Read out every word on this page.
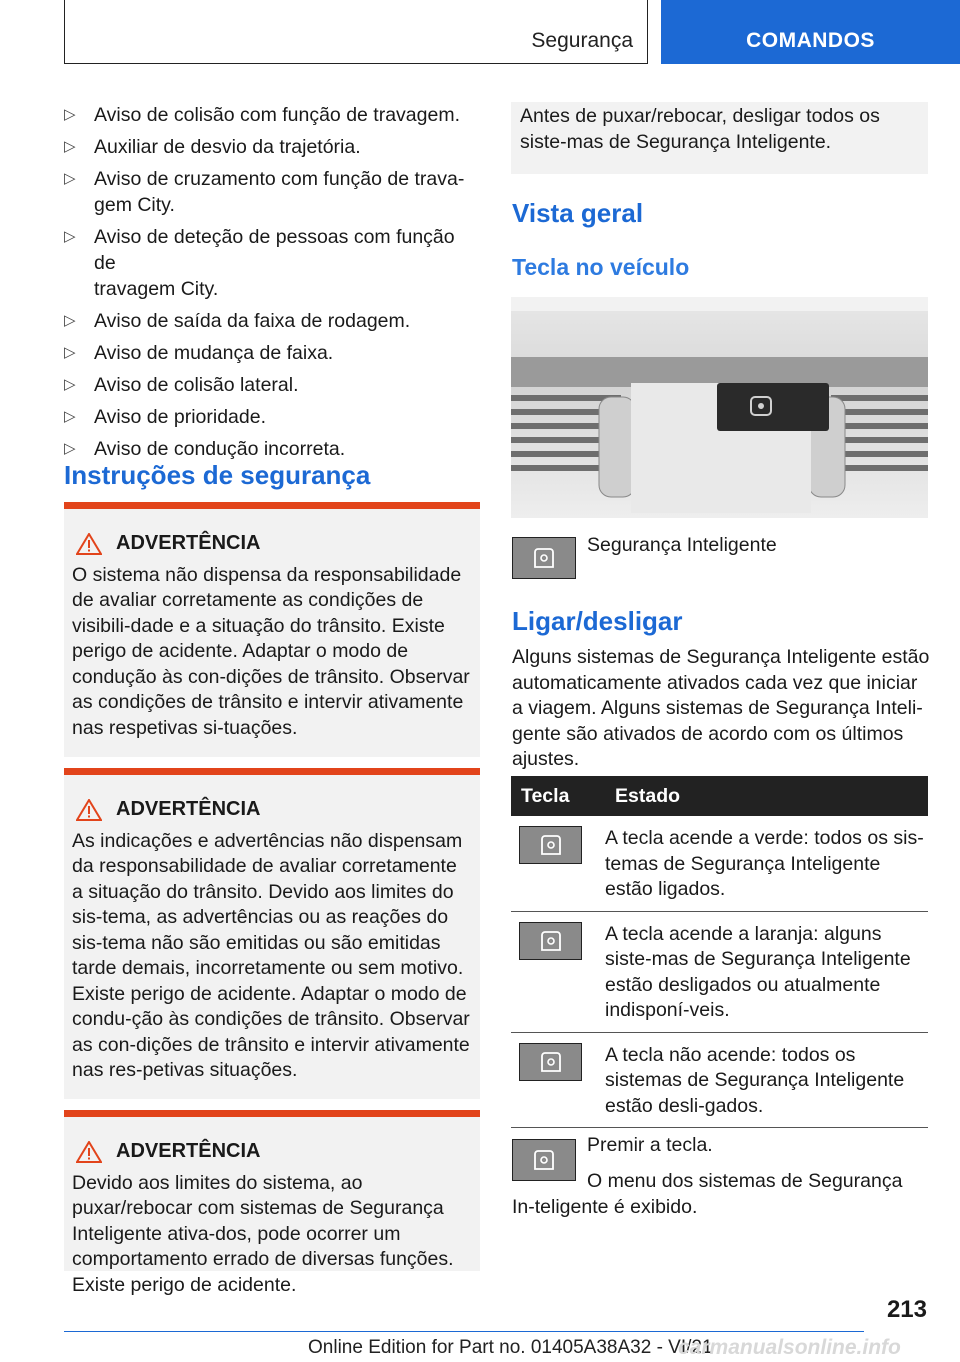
Segurança	COMANDOS
▷ Aviso de colisão com função de travagem.
▷ Auxiliar de desvio da trajetória.
▷ Aviso de cruzamento com função de trava-
gem City.
▷ Aviso de deteção de pessoas com função de
travagem City.
▷ Aviso de saída da faixa de rodagem.
▷ Aviso de mudança de faixa.
▷ Aviso de colisão lateral.
▷ Aviso de prioridade.
▷ Aviso de condução incorreta.
Instruções de segurança
ADVERTÊNCIA
O sistema não dispensa da responsabilidade de avaliar corretamente as condições de visibili-dade e a situação do trânsito. Existe perigo de acidente. Adaptar o modo de condução às con-dições de trânsito. Observar as condições de trânsito e intervir ativamente nas respetivas si-tuações.
ADVERTÊNCIA
As indicações e advertências não dispensam da responsabilidade de avaliar corretamente a situação do trânsito. Devido aos limites do sis-tema, as advertências ou as reações do sis-tema não são emitidas ou são emitidas tarde demais, incorretamente ou sem motivo. Existe perigo de acidente. Adaptar o modo de condu-ção às condições de trânsito. Observar as con-dições de trânsito e intervir ativamente nas res-petivas situações.
ADVERTÊNCIA
Devido aos limites do sistema, ao puxar/rebocar com sistemas de Segurança Inteligente ativa-dos, pode ocorrer um comportamento errado de diversas funções. Existe perigo de acidente.
Antes de puxar/rebocar, desligar todos os siste-mas de Segurança Inteligente.
Vista geral
Tecla no veículo
Segurança Inteligente
Ligar/desligar
Alguns sistemas de Segurança Inteligente estão automaticamente ativados cada vez que iniciar a viagem. Alguns sistemas de Segurança Inteli-gente são ativados de acordo com os últimos ajustes.
Tecla	Estado

	A tecla acende a verde: todos os sis-temas de Segurança Inteligente estão ligados.

	A tecla acende a laranja: alguns siste-mas de Segurança Inteligente estão desligados ou atualmente indisponí-veis.

	A tecla não acende: todos os sistemas de Segurança Inteligente estão desli-gados.
Premir a tecla.
O menu dos sistemas de Segurança In-teligente é exibido.
213
Online Edition for Part no. 01405A38A32 - VI/21
carmanualsonline.info
